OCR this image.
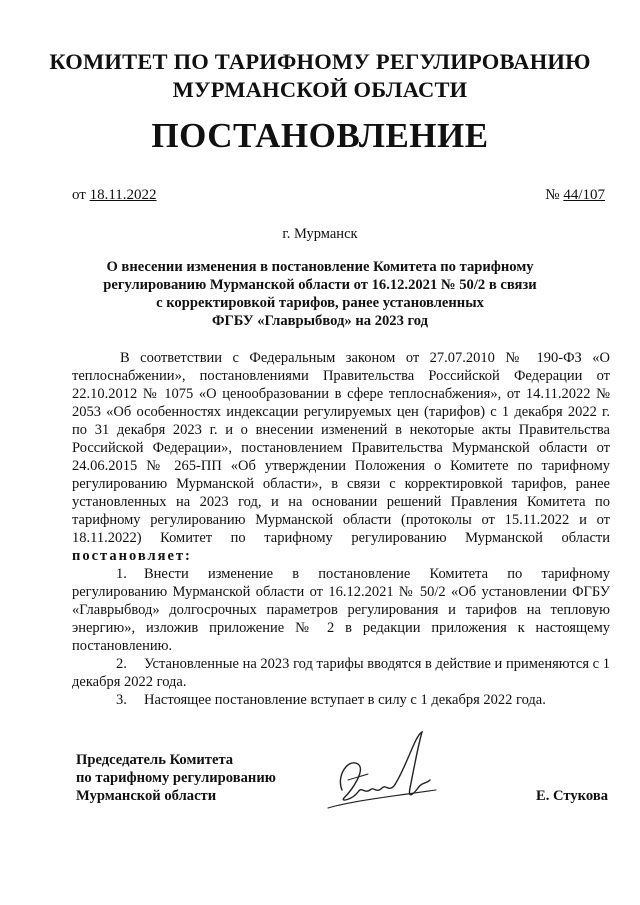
КОМИТЕТ ПО ТАРИФНОМУ РЕГУЛИРОВАНИЮ
МУРМАНСКОЙ ОБЛАСТИ
ПОСТАНОВЛЕНИЕ
от 18.11.2022	№ 44/107
г. Мурманск
О внесении изменения в постановление Комитета по тарифному
регулированию Мурманской области от 16.12.2021 № 50/2 в связи
с корректировкой тарифов, ранее установленных
ФГБУ «Главрыбвод» на 2023 год

В соответствии с Федеральным законом от 27.07.2010 № 190-ФЗ «О теплоснабжении», постановлениями Правительства Российской Федерации от 22.10.2012 № 1075 «О ценообразовании в сфере теплоснабжения», от 14.11.2022 № 2053 «Об особенностях индексации регулируемых цен (тарифов) с 1 декабря 2022 г. по 31 декабря 2023 г. и о внесении изменений в некоторые акты Правительства Российской Федерации», постановлением Правительства Мурманской области от 24.06.2015 № 265-ПП «Об утверждении Положения о Комитете по тарифному регулированию Мурманской области», в связи с корректировкой тарифов, ранее установленных на 2023 год, и на основании решений Правления Комитета по тарифному регулированию Мурманской области (протоколы от 15.11.2022 и от 18.11.2022) Комитет по тарифному регулированию Мурманской области постановляет:

1. Внести изменение в постановление Комитета по тарифному регулированию Мурманской области от 16.12.2021 № 50/2 «Об установлении ФГБУ «Главрыбвод» долгосрочных параметров регулирования и тарифов на тепловую энергию», изложив приложение № 2 в редакции приложения к настоящему постановлению.

2. Установленные на 2023 год тарифы вводятся в действие и применяются с 1 декабря 2022 года.

3. Настоящее постановление вступает в силу с 1 декабря 2022 года.

Председатель Комитета
по тарифному регулированию
Мурманской области	Е. Стукова
